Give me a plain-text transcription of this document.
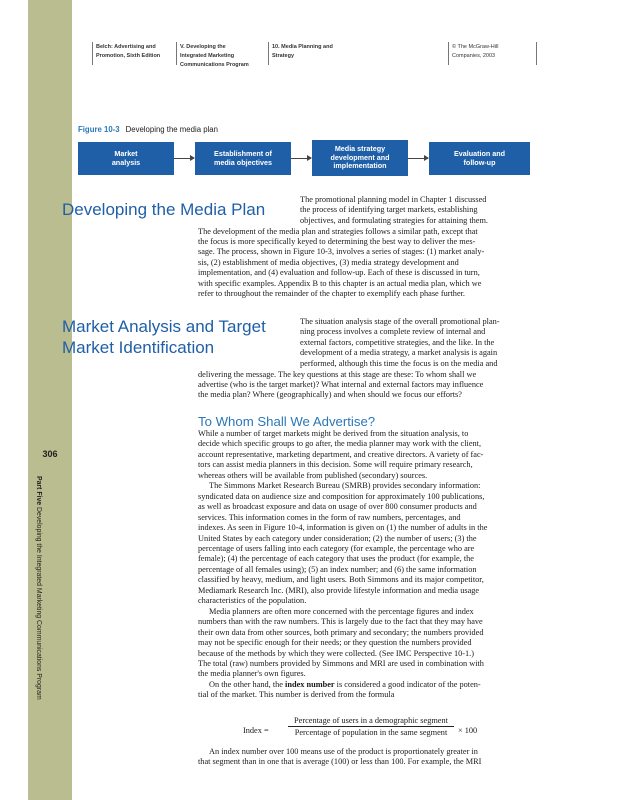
306
Part Five Developing the Integrated Marketing Communications Program
Belch: Advertising and
Promotion, Sixth Edition
V. Developing the
Integrated Marketing
Communications Program
10. Media Planning and
Strategy
© The McGraw-Hill
Companies, 2003
Figure 10-3 Developing the media plan
Market
analysis
Establishment of
media objectives
Media strategy
development and
implementation
Evaluation and
follow-up
Developing the Media Plan
The promotional planning model in Chapter 1 discussed
the process of identifying target markets, establishing
objectives, and formulating strategies for attaining them.
The development of the media plan and strategies follows a similar path, except that
the focus is more specifically keyed to determining the best way to deliver the mes-
sage. The process, shown in Figure 10-3, involves a series of stages: (1) market analy-
sis, (2) establishment of media objectives, (3) media strategy development and
implementation, and (4) evaluation and follow-up. Each of these is discussed in turn,
with specific examples. Appendix B to this chapter is an actual media plan, which we
refer to throughout the remainder of the chapter to exemplify each phase further.
Market Analysis and Target
Market Identification
The situation analysis stage of the overall promotional plan-
ning process involves a complete review of internal and
external factors, competitive strategies, and the like. In the
development of a media strategy, a market analysis is again
performed, although this time the focus is on the media and
delivering the message. The key questions at this stage are these: To whom shall we
advertise (who is the target market)? What internal and external factors may influence
the media plan? Where (geographically) and when should we focus our efforts?
To Whom Shall We Advertise?
While a number of target markets might be derived from the situation analysis, to
decide which specific groups to go after, the media planner may work with the client,
account representative, marketing department, and creative directors. A variety of fac-
tors can assist media planners in this decision. Some will require primary research,
whereas others will be available from published (secondary) sources.
The Simmons Market Research Bureau (SMRB) provides secondary information:
syndicated data on audience size and composition for approximately 100 publications,
as well as broadcast exposure and data on usage of over 800 consumer products and
services. This information comes in the form of raw numbers, percentages, and
indexes. As seen in Figure 10-4, information is given on (1) the number of adults in the
United States by each category under consideration; (2) the number of users; (3) the
percentage of users falling into each category (for example, the percentage who are
female); (4) the percentage of each category that uses the product (for example, the
percentage of all females using); (5) an index number; and (6) the same information
classified by heavy, medium, and light users. Both Simmons and its major competitor,
Mediamark Research Inc. (MRI), also provide lifestyle information and media usage
characteristics of the population.
Media planners are often more concerned with the percentage figures and index
numbers than with the raw numbers. This is largely due to the fact that they may have
their own data from other sources, both primary and secondary; the numbers provided
may not be specific enough for their needs; or they question the numbers provided
because of the methods by which they were collected. (See IMC Perspective 10-1.)
The total (raw) numbers provided by Simmons and MRI are used in combination with
the media planner's own figures.
On the other hand, the index number is considered a good indicator of the poten-
tial of the market. This number is derived from the formula
Index =
Percentage of users in a demographic segment
Percentage of population in the same segment	× 100
An index number over 100 means use of the product is proportionately greater in
that segment than in one that is average (100) or less than 100. For example, the MRI
